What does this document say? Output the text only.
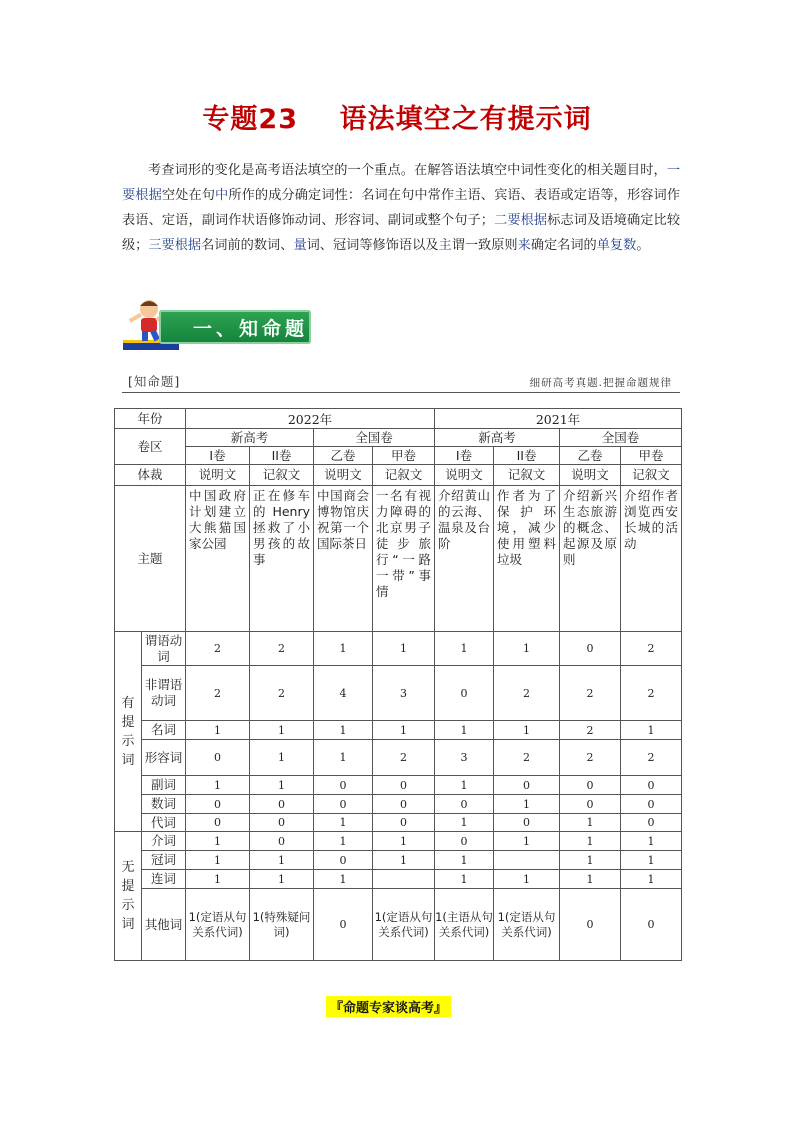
专题23 语法填空之有提示词
考查词形的变化是高考语法填空的一个重点。在解答语法填空中词性变化的相关题目时，一要根据空处在句中所作的成分确定词性：名词在句中常作主语、宾语、表语或定语等，形容词作表语、定语，副词作状语修饰动词、形容词、副词或整个句子；二要根据标志词及语境确定比较级；三要根据名词前的数词、量词、冠词等修饰语以及主谓一致原则来确定名词的单复数。
一、知命题
[知命题]	细研高考真题.把握命题规律
年份		2022年				2021年			
卷区		新高考		全国卷		新高考		全国卷	
		I卷	II卷	乙卷	甲卷	I卷	II卷	乙卷	甲卷
体裁		说明文	记叙文	说明文	记叙文	说明文	记叙文	说明文	记叙文
主题		中国政府计划建立大熊猫国家公园	正在修车的Henry拯救了小男孩的故事	中国商会博物馆庆祝第一个国际茶日	一名有视力障碍的北京男子徒步旅行“一路一带”事情	介绍黄山的云海、温泉及台阶	作者为了保护环境，减少使用塑料垃圾	介绍新兴生态旅游的概念、起源及原则	介绍作者浏览西安长城的活动
有提示词	谓语动词	2	2	1	1	1	1	0	2
	非谓语动词	2	2	4	3	0	2	2	2
	名词	1	1	1	1	1	1	2	1
	形容词	0	1	1	2	3	2	2	2
	副词	1	1	0	0	1	0	0	0
	数词	0	0	0	0	0	1	0	0
	代词	0	0	1	0	1	0	1	0
无提示词	介词	1	0	1	1	0	1	1	1
	冠词	1	1	0	1	1		1	1
	连词	1	1	1		1	1	1	1
	其他词	1(定语从句关系代词)	1(特殊疑问词)	0	1(定语从句关系代词)	1(主语从句关系代词)	1(定语从句关系代词)	0	0
『命题专家谈高考』
